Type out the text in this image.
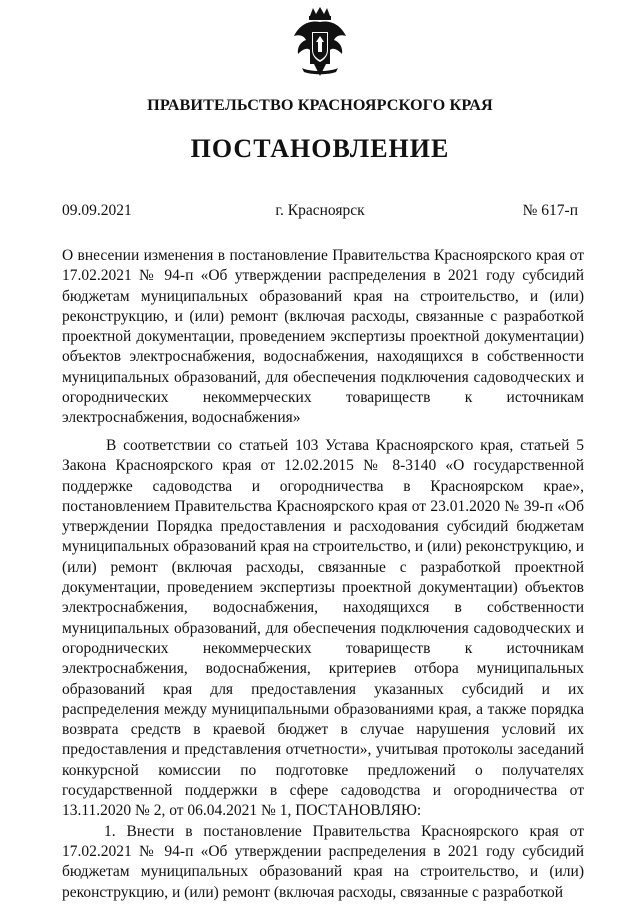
ПРАВИТЕЛЬСТВО КРАСНОЯРСКОГО КРАЯ
ПОСТАНОВЛЕНИЕ
09.09.2021	г. Красноярск	№ 617-п
О внесении изменения в постановление Правительства Красноярского края от 17.02.2021 № 94-п «Об утверждении распределения в 2021 году субсидий бюджетам муниципальных образований края на строительство, и (или) реконструкцию, и (или) ремонт (включая расходы, связанные с разработкой проектной документации, проведением экспертизы проектной документации) объектов электроснабжения, водоснабжения, находящихся в собственности муниципальных образований, для обеспечения подключения садоводческих и огороднических некоммерческих товариществ к источникам электроснабжения, водоснабжения»

В соответствии со статьей 103 Устава Красноярского края, статьей 5 Закона Красноярского края от 12.02.2015 № 8-3140 «О государственной поддержке садоводства и огородничества в Красноярском крае», постановлением Правительства Красноярского края от 23.01.2020 № 39-п «Об утверждении Порядка предоставления и расходования субсидий бюджетам муниципальных образований края на строительство, и (или) реконструкцию, и (или) ремонт (включая расходы, связанные с разработкой проектной документации, проведением экспертизы проектной документации) объектов электроснабжения, водоснабжения, находящихся в собственности муниципальных образований, для обеспечения подключения садоводческих и огороднических некоммерческих товариществ к источникам электроснабжения, водоснабжения, критериев отбора муниципальных образований края для предоставления указанных субсидий и их распределения между муниципальными образованиями края, а также порядка возврата средств в краевой бюджет в случае нарушения условий их предоставления и представления отчетности», учитывая протоколы заседаний конкурсной комиссии по подготовке предложений о получателях государственной поддержки в сфере садоводства и огородничества от 13.11.2020 № 2, от 06.04.2021 № 1, ПОСТАНОВЛЯЮ:

1. Внести в постановление Правительства Красноярского края от 17.02.2021 № 94-п «Об утверждении распределения в 2021 году субсидий бюджетам муниципальных образований края на строительство, и (или) реконструкцию, и (или) ремонт (включая расходы, связанные с разработкой
